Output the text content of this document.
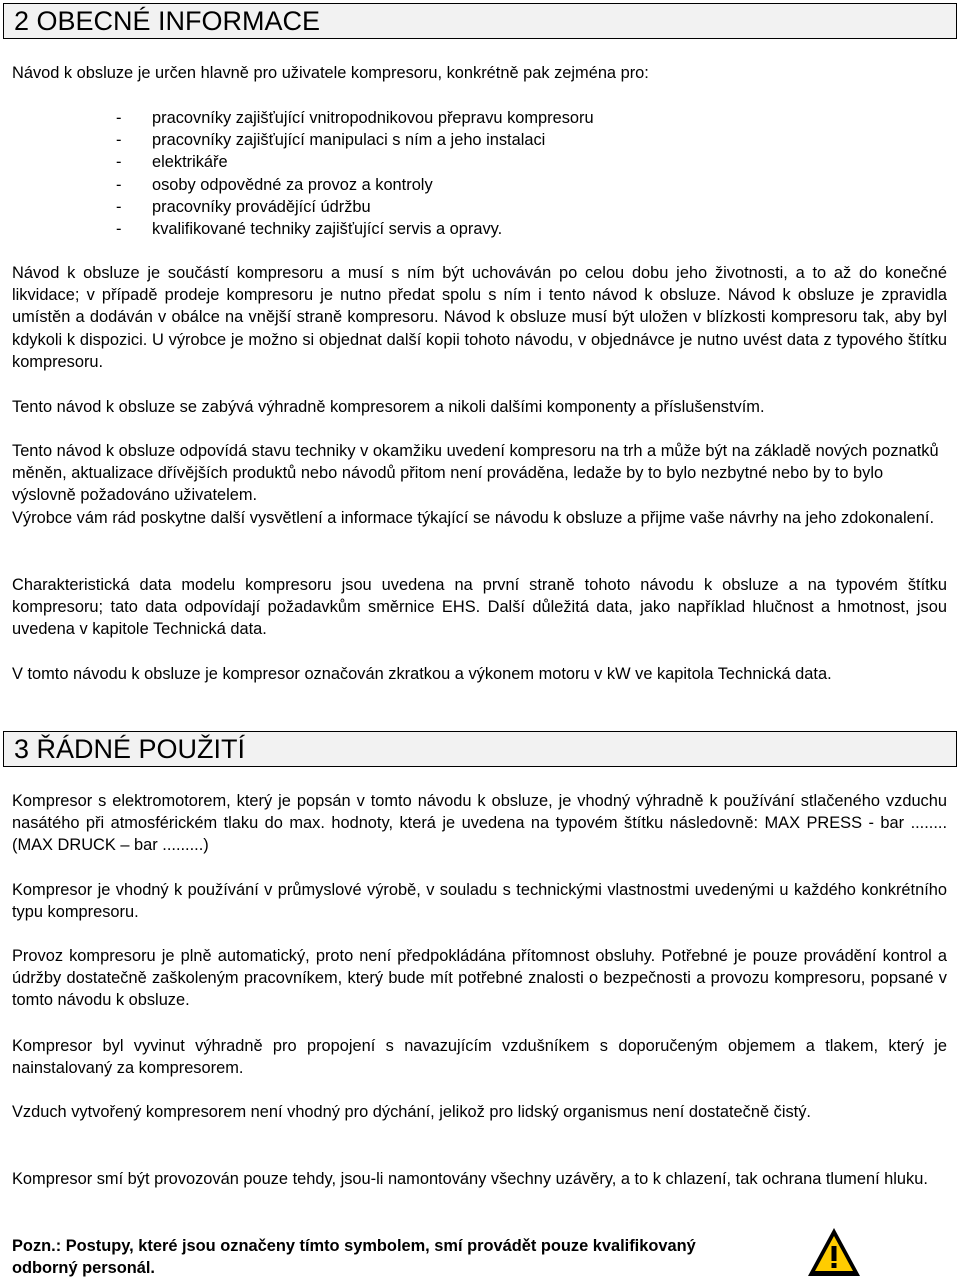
2 OBECNÉ INFORMACE

Návod k obsluze je určen hlavně pro uživatele kompresoru, konkrétně pak zejména pro:

- pracovníky zajišťující vnitropodnikovou přepravu kompresoru
- pracovníky zajišťující manipulaci s ním a jeho instalaci
- elektrikáře
- osoby odpovědné za provoz a kontroly
- pracovníky provádějící údržbu
- kvalifikované techniky zajišťující servis a opravy.

Návod k obsluze je součástí kompresoru a musí s ním být uchováván po celou dobu jeho životnosti, a to až do konečné likvidace; v případě prodeje kompresoru je nutno předat spolu s ním i tento návod k obsluze. Návod k obsluze je zpravidla umístěn a dodáván v obálce na vnější straně kompresoru. Návod k obsluze musí být uložen v blízkosti kompresoru tak, aby byl kdykoli k dispozici. U výrobce je možno si objednat další kopii tohoto návodu, v objednávce je nutno uvést data z typového štítku kompresoru.

Tento návod k obsluze se zabývá výhradně kompresorem a nikoli dalšími komponenty a příslušenstvím.

Tento návod k obsluze odpovídá stavu techniky v okamžiku uvedení kompresoru na trh a může být na základě nových poznatků měněn, aktualizace dřívějších produktů nebo návodů přitom není prováděna, ledaže by to bylo nezbytné nebo by to bylo výslovně požadováno uživatelem.

Výrobce vám rád poskytne další vysvětlení a informace týkající se návodu k obsluze a přijme vaše návrhy na jeho zdokonalení.

Charakteristická data modelu kompresoru jsou uvedena na první straně tohoto návodu k obsluze a na typovém štítku kompresoru; tato data odpovídají požadavkům směrnice EHS. Další důležitá data, jako například hlučnost a hmotnost, jsou uvedena v kapitole Technická data.

V tomto návodu k obsluze je kompresor označován zkratkou a výkonem motoru v kW ve kapitola Technická data.

3 ŘÁDNÉ POUŽITÍ

Kompresor s elektromotorem, který je popsán v tomto návodu k obsluze, je vhodný výhradně k používání stlačeného vzduchu nasátého při atmosférickém tlaku do max. hodnoty, která je uvedena na typovém štítku následovně: MAX PRESS - bar ........ (MAX DRUCK – bar .........)

Kompresor je vhodný k používání v průmyslové výrobě, v souladu s technickými vlastnostmi uvedenými u každého konkrétního typu kompresoru.

Provoz kompresoru je plně automatický, proto není předpokládána přítomnost obsluhy. Potřebné je pouze provádění kontrol a údržby dostatečně zaškoleným pracovníkem, který bude mít potřebné znalosti o bezpečnosti a provozu kompresoru, popsané v tomto návodu k obsluze.

Kompresor byl vyvinut výhradně pro propojení s navazujícím vzdušníkem s doporučeným objemem a tlakem, který je nainstalovaný za kompresorem.

Vzduch vytvořený kompresorem není vhodný pro dýchání, jelikož pro lidský organismus není dostatečně čistý.

Kompresor smí být provozován pouze tehdy, jsou-li namontovány všechny uzávěry, a to k chlazení, tak ochrana tlumení hluku.

Pozn.: Postupy, které jsou označeny tímto symbolem, smí provádět pouze kvalifikovaný odborný personál.
